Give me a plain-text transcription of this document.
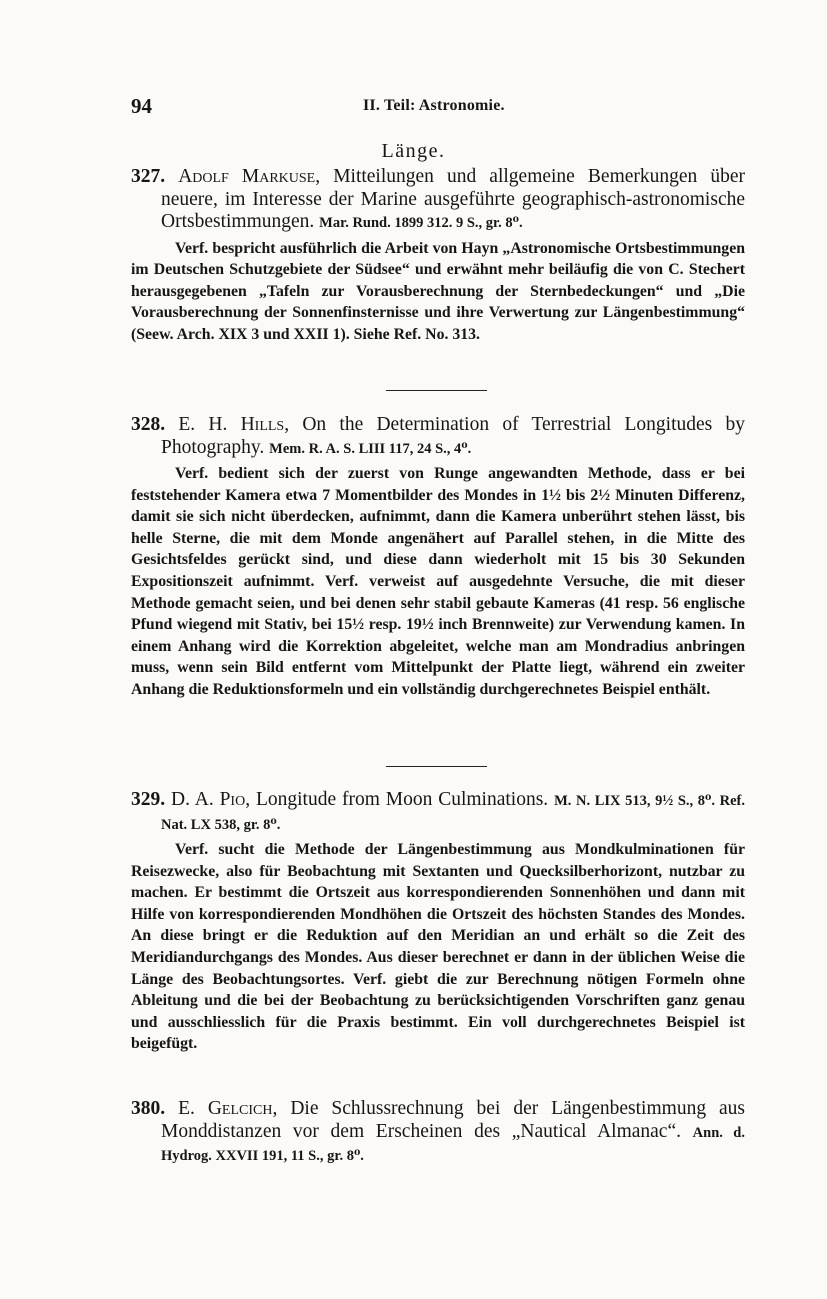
94	II. Teil: Astronomie.
Länge.
327. Adolf Markuse, Mitteilungen und allgemeine Bemerkungen über neuere, im Interesse der Marine ausgeführte geographisch-astronomische Ortsbestimmungen. Mar. Rund. 1899 312. 9 S., gr. 8⁰.
Verf. bespricht ausführlich die Arbeit von Hayn „Astronomische Ortsbestimmungen im Deutschen Schutzgebiete der Südsee“ und erwähnt mehr beiläufig die von C. Stechert herausgegebenen „Tafeln zur Vorausberechnung der Sternbedeckungen“ und „Die Vorausberechnung der Sonnenfinsternisse und ihre Verwertung zur Längenbestimmung“ (Seew. Arch. XIX 3 und XXII 1). Siehe Ref. No. 313.
328. E. H. Hills, On the Determination of Terrestrial Longitudes by Photography. Mem. R. A. S. LIII 117, 24 S., 4⁰.
Verf. bedient sich der zuerst von Runge angewandten Methode, dass er bei feststehender Kamera etwa 7 Momentbilder des Mondes in 1½ bis 2½ Minuten Differenz, damit sie sich nicht überdecken, aufnimmt, dann die Kamera unberührt stehen lässt, bis helle Sterne, die mit dem Monde angenähert auf Parallel stehen, in die Mitte des Gesichtsfeldes gerückt sind, und diese dann wiederholt mit 15 bis 30 Sekunden Expositionszeit aufnimmt. Verf. verweist auf ausgedehnte Versuche, die mit dieser Methode gemacht seien, und bei denen sehr stabil gebaute Kameras (41 resp. 56 englische Pfund wiegend mit Stativ, bei 15½ resp. 19½ inch Brennweite) zur Verwendung kamen. In einem Anhang wird die Korrektion abgeleitet, welche man am Mondradius anbringen muss, wenn sein Bild entfernt vom Mittelpunkt der Platte liegt, während ein zweiter Anhang die Reduktionsformeln und ein vollständig durchgerechnetes Beispiel enthält.
329. D. A. Pio, Longitude from Moon Culminations. M. N. LIX 513, 9½ S., 8⁰. Ref. Nat. LX 538, gr. 8⁰.
Verf. sucht die Methode der Längenbestimmung aus Mondkulminationen für Reisezwecke, also für Beobachtung mit Sextanten und Quecksilberhorizont, nutzbar zu machen. Er bestimmt die Ortszeit aus korrespondierenden Sonnenhöhen und dann mit Hilfe von korrespondierenden Mondhöhen die Ortszeit des höchsten Standes des Mondes. An diese bringt er die Reduktion auf den Meridian an und erhält so die Zeit des Meridiandurchgangs des Mondes. Aus dieser berechnet er dann in der üblichen Weise die Länge des Beobachtungsortes. Verf. giebt die zur Berechnung nötigen Formeln ohne Ableitung und die bei der Beobachtung zu berücksichtigenden Vorschriften ganz genau und ausschliesslich für die Praxis bestimmt. Ein voll durchgerechnetes Beispiel ist beigefügt.
380. E. Gelcich, Die Schlussrechnung bei der Längenbestimmung aus Monddistanzen vor dem Erscheinen des „Nautical Almanac“. Ann. d. Hydrog. XXVII 191, 11 S., gr. 8⁰.
